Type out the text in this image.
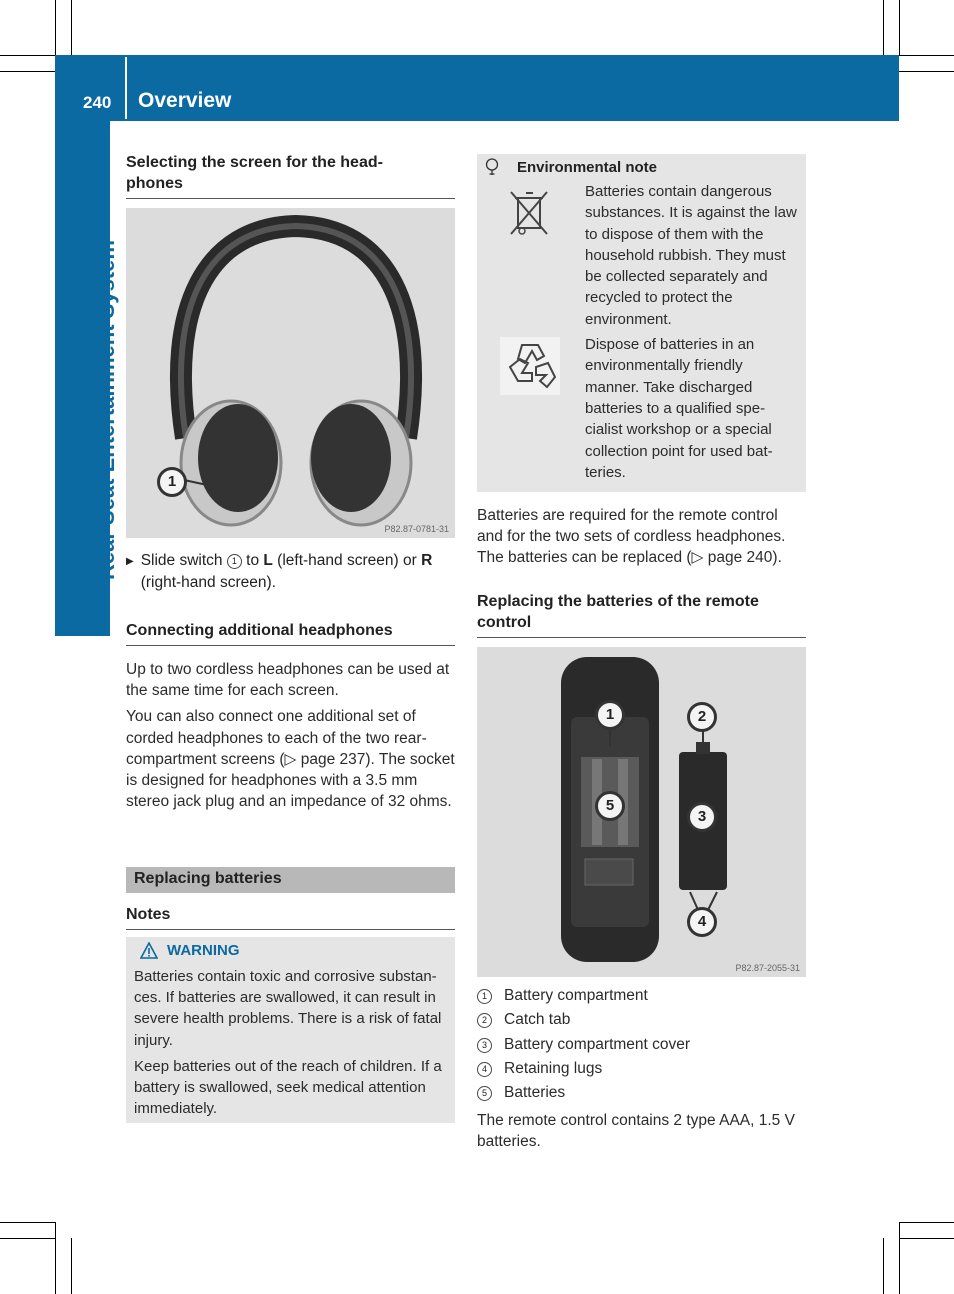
240 Overview
Rear Seat Entertainment System
Selecting the screen for the head-
phones
1
P82.87-0781-31
▶ Slide switch 1 to L (left-hand screen) or R
(right-hand screen).
Connecting additional headphones

Up to two cordless headphones can be used at the same time for each screen.

You can also connect one additional set of corded headphones to each of the two rear-compartment screens (▷ page 237). The socket is designed for headphones with a 3.5 mm stereo jack plug and an impedance of 32 ohms.

Replacing batteries
Notes
WARNING

Batteries contain toxic and corrosive substan-ces. If batteries are swallowed, it can result in severe health problems. There is a risk of fatal injury.

Keep batteries out of the reach of children. If a battery is swallowed, seek medical attention immediately.

Environmental note

Batteries contain dangerous substances. It is against the law to dispose of them with the household rubbish. They must be collected separately and recycled to protect the environment.

Dispose of batteries in an environmentally friendly manner. Take discharged batteries to a qualified spe-cialist workshop or a special collection point for used bat-teries.

Batteries are required for the remote control and for the two sets of cordless headphones. The batteries can be replaced (▷ page 240).

Replacing the batteries of the remote control
1	2
3
4
5
P82.87-2055-31
1 Battery compartment
2 Catch tab
3 Battery compartment cover
4 Retaining lugs
5 Batteries

The remote control contains 2 type AAA, 1.5 V batteries.
